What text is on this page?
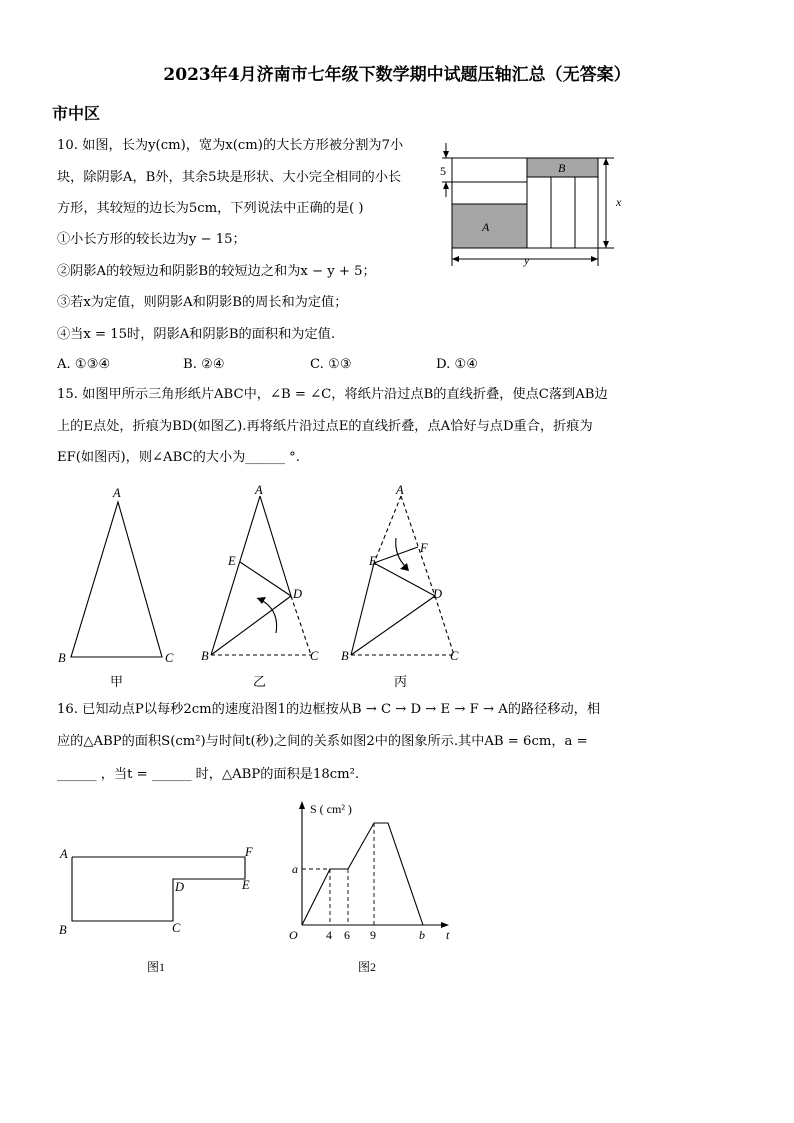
2023年4月济南市七年级下数学期中试题压轴汇总（无答案）
市中区
10. 如图，长为y(cm)，宽为x(cm)的大长方形被分割为7小
块，除阴影A，B外，其余5块是形状、大小完全相同的小长
方形，其较短的边长为5cm，下列说法中正确的是( )
①小长方形的较长边为y − 15；
②阴影A的较短边和阴影B的较短边之和为x − y + 5；
③若x为定值，则阴影A和阴影B的周长和为定值；
④当x = 15时，阴影A和阴影B的面积和为定值.
A. ①③④	B. ②④	C. ①③	D. ①④
5	B
A
x
y
15. 如图甲所示三角形纸片ABC中，∠B = ∠C，将纸片沿过点B的直线折叠，使点C落到AB边
上的E点处，折痕为BD(如图乙).再将纸片沿过点E的直线折叠，点A恰好与点D重合，折痕为
EF(如图丙)，则∠ABC的大小为______ °.
A
B	C
A
E
D
B	C
A
F
E
D
B	C
甲	乙	丙
16. 已知动点P以每秒2cm的速度沿图1的边框按从B → C → D → E → F → A的路径移动，相
应的△ABP的面积S(cm²)与时间t(秒)之间的关系如图2中的图象所示.其中AB = 6cm，a =
______ ，当t = ______ 时，△ABP的面积是18cm².
A
B	C
D	E
F
图1
S ( cm² )
a
O	t
4 6 9	b
图2
